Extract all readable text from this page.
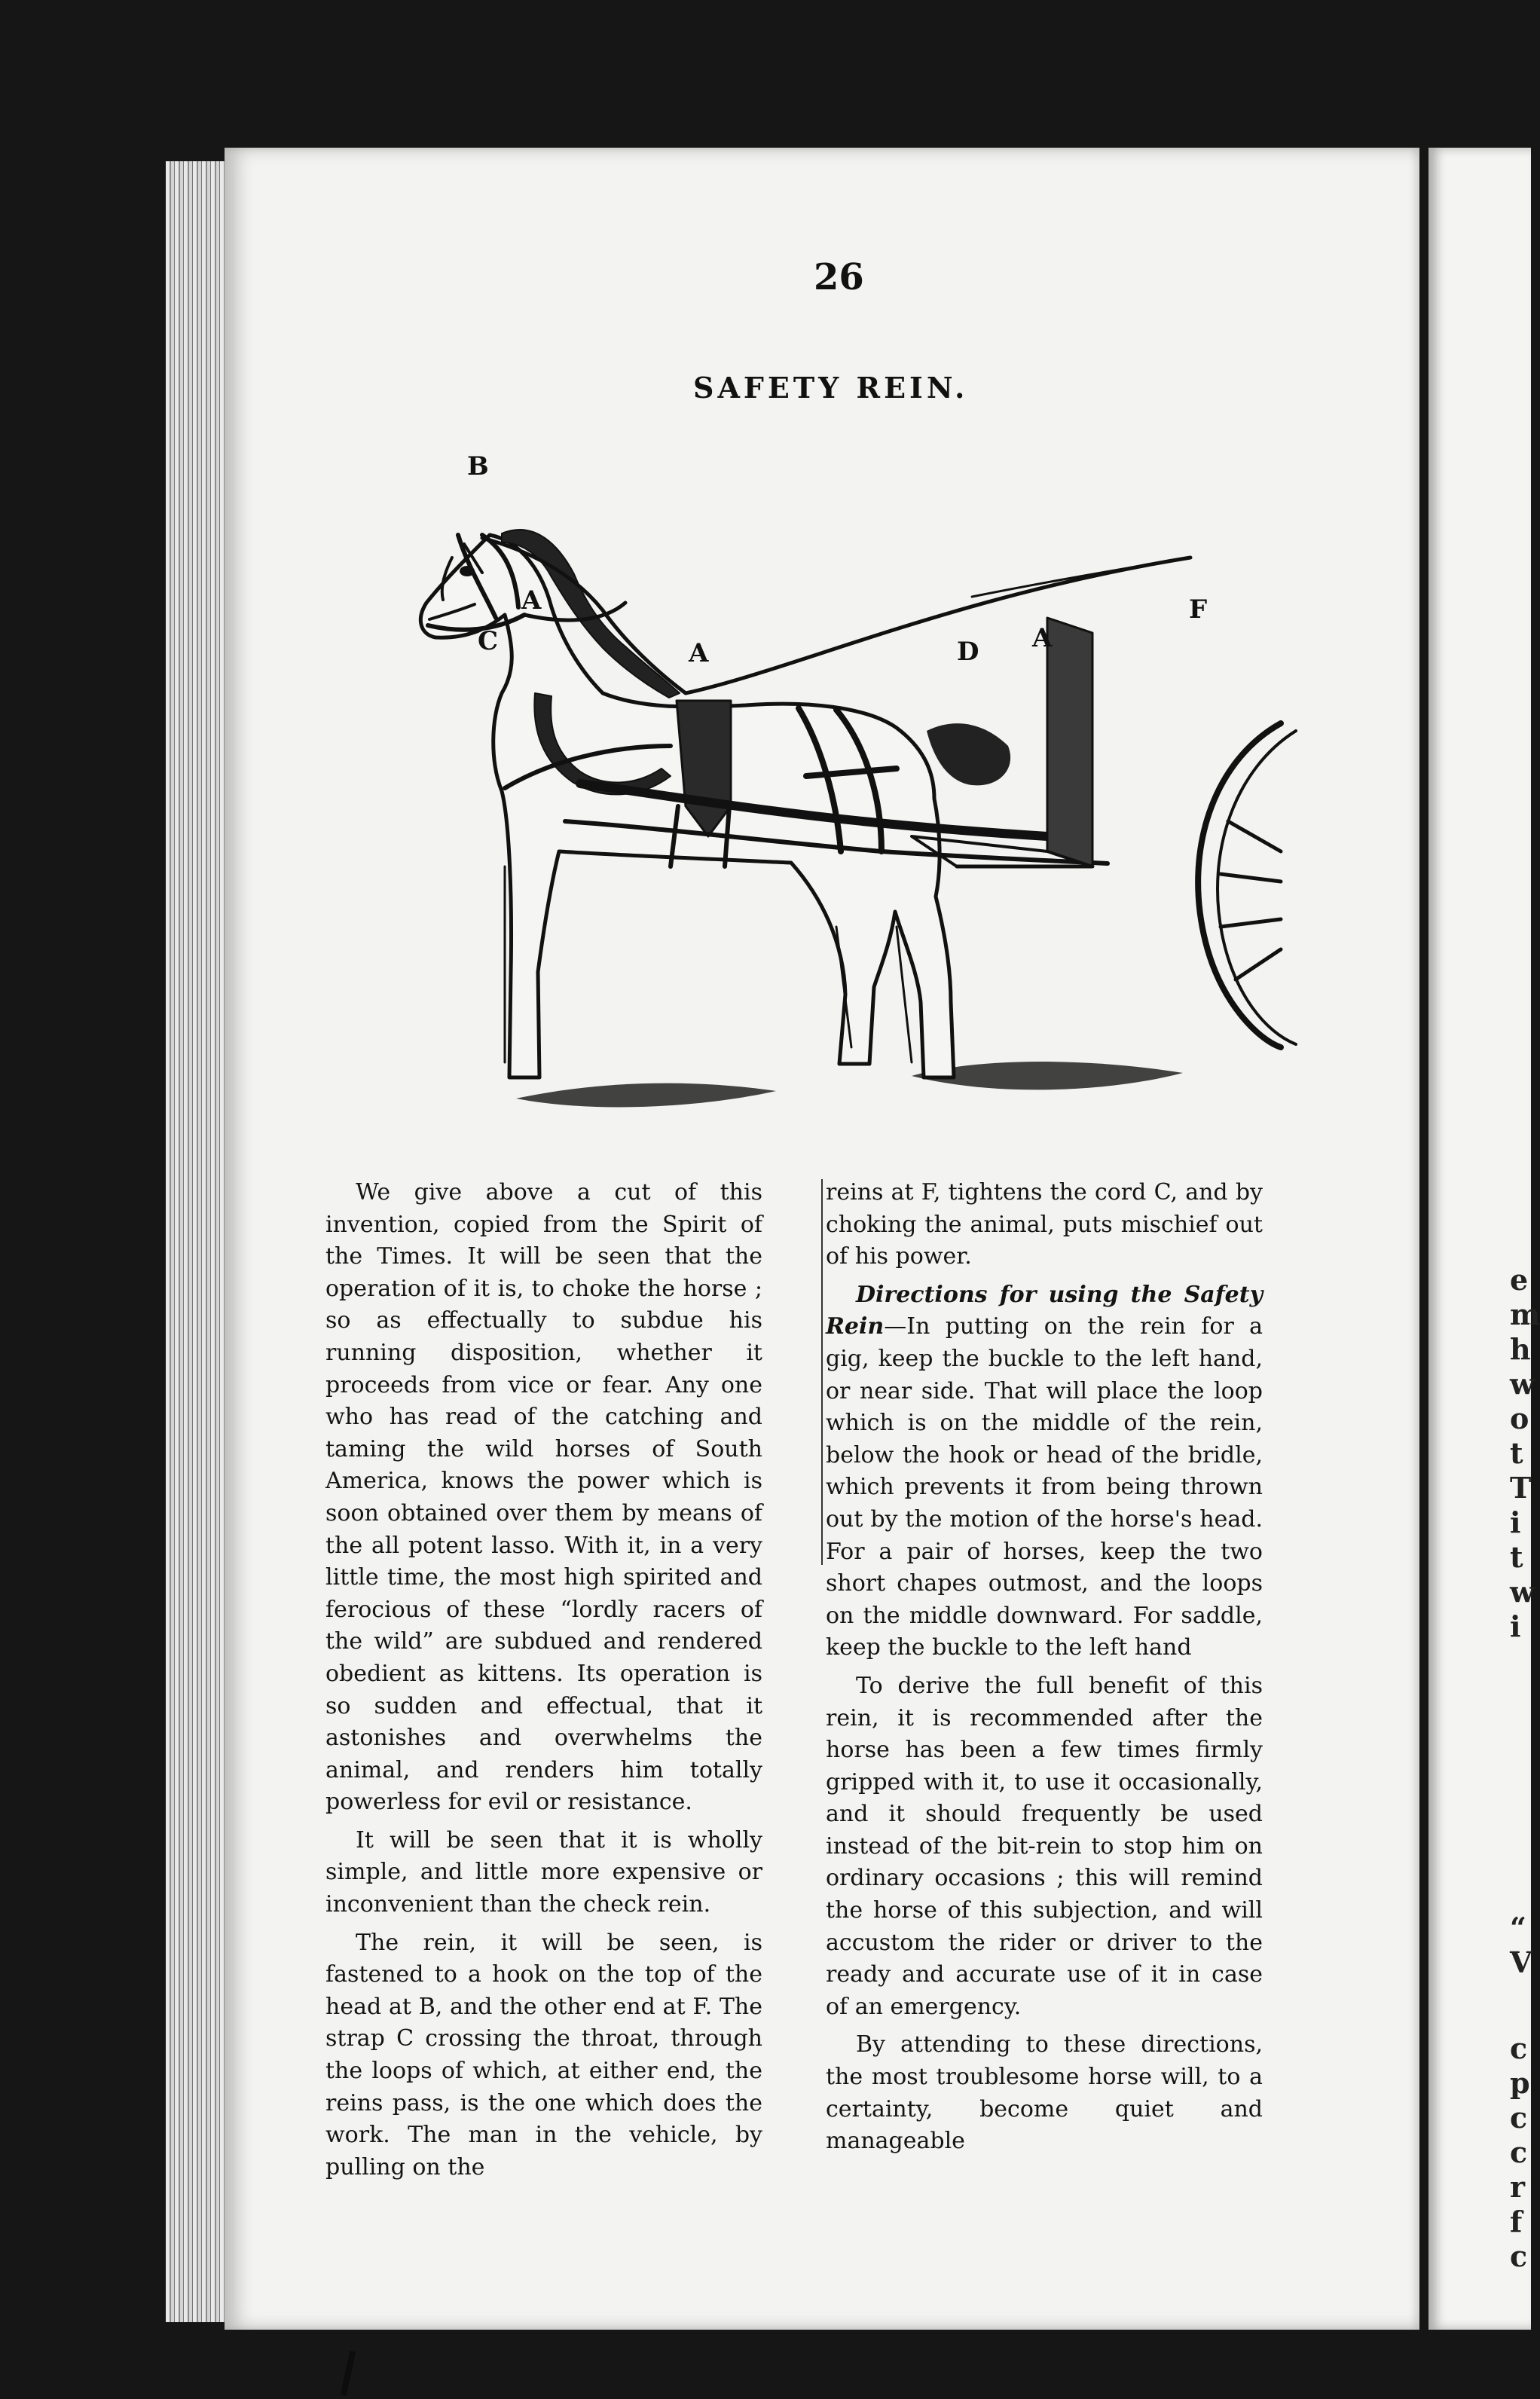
e
m
h
w
o
t
T
i
t
w
i
“
V
c
p
c
c
r
f
c
26
SAFETY REIN.
B
A
C	A	D A
F

We give above a cut of this invention, copied from the Spirit of the Times. It will be seen that the operation of it is, to choke the horse ; so as effectually to subdue his running disposition, whether it proceeds from vice or fear. Any one who has read of the catching and taming the wild horses of South America, knows the power which is soon obtained over them by means of the all potent lasso. With it, in a very little time, the most high spirited and ferocious of these “lordly racers of the wild” are subdued and rendered obedient as kittens. Its operation is so sudden and effectual, that it astonishes and overwhelms the animal, and renders him totally powerless for evil or resistance.

It will be seen that it is wholly simple, and little more expensive or inconvenient than the check rein.

The rein, it will be seen, is fastened to a hook on the top of the head at B, and the other end at F. The strap C crossing the throat, through the loops of which, at either end, the reins pass, is the one which does the work. The man in the vehicle, by pulling on the

reins at F, tightens the cord C, and by choking the animal, puts mischief out of his power.

Directions for using the Safety Rein—In putting on the rein for a gig, keep the buckle to the left hand, or near side. That will place the loop which is on the middle of the rein, below the hook or head of the bridle, which prevents it from being thrown out by the motion of the horse's head. For a pair of horses, keep the two short chapes outmost, and the loops on the middle downward. For saddle, keep the buckle to the left hand

To derive the full benefit of this rein, it is recommended after the horse has been a few times firmly gripped with it, to use it occasionally, and it should frequently be used instead of the bit-rein to stop him on ordinary occasions ; this will remind the horse of this subjection, and will accustom the rider or driver to the ready and accurate use of it in case of an emergency.

By attending to these directions, the most troublesome horse will, to a certainty, become quiet and manageable
